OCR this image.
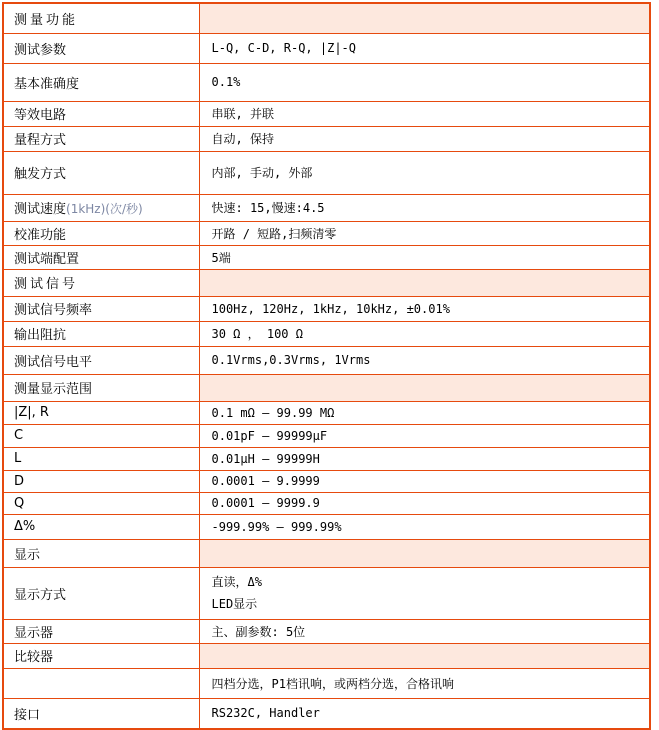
测量功能	
测试参数	L-Q, C-D, R-Q, |Z|-Q
基本准确度	0.1%
等效电路	串联, 并联
量程方式	自动, 保持
触发方式	内部, 手动, 外部
测试速度(1kHz)(次/秒)	快速: 15,慢速:4.5
校准功能	开路 / 短路,扫频清零
测试端配置	5端
测试信号	
测试信号频率	100Hz, 120Hz, 1kHz, 10kHz, ±0.01%
输出阻抗	30 Ω ， 100 Ω
测试信号电平	0.1Vrms,0.3Vrms, 1Vrms
测量显示范围	
|Z|, R	0.1 mΩ — 99.99 MΩ
C	0.01pF — 99999μF
L	0.01μH — 99999H
D	0.0001 — 9.9999
Q	0.0001 — 9999.9
Δ%	-999.99% — 999.99%
显示	
显示方式	直读，Δ%
LED显示

显示器	主、副参数: 5位
比较器	
	四档分选，P1档讯响，或两档分选，合格讯响
接口	RS232C, Handler
